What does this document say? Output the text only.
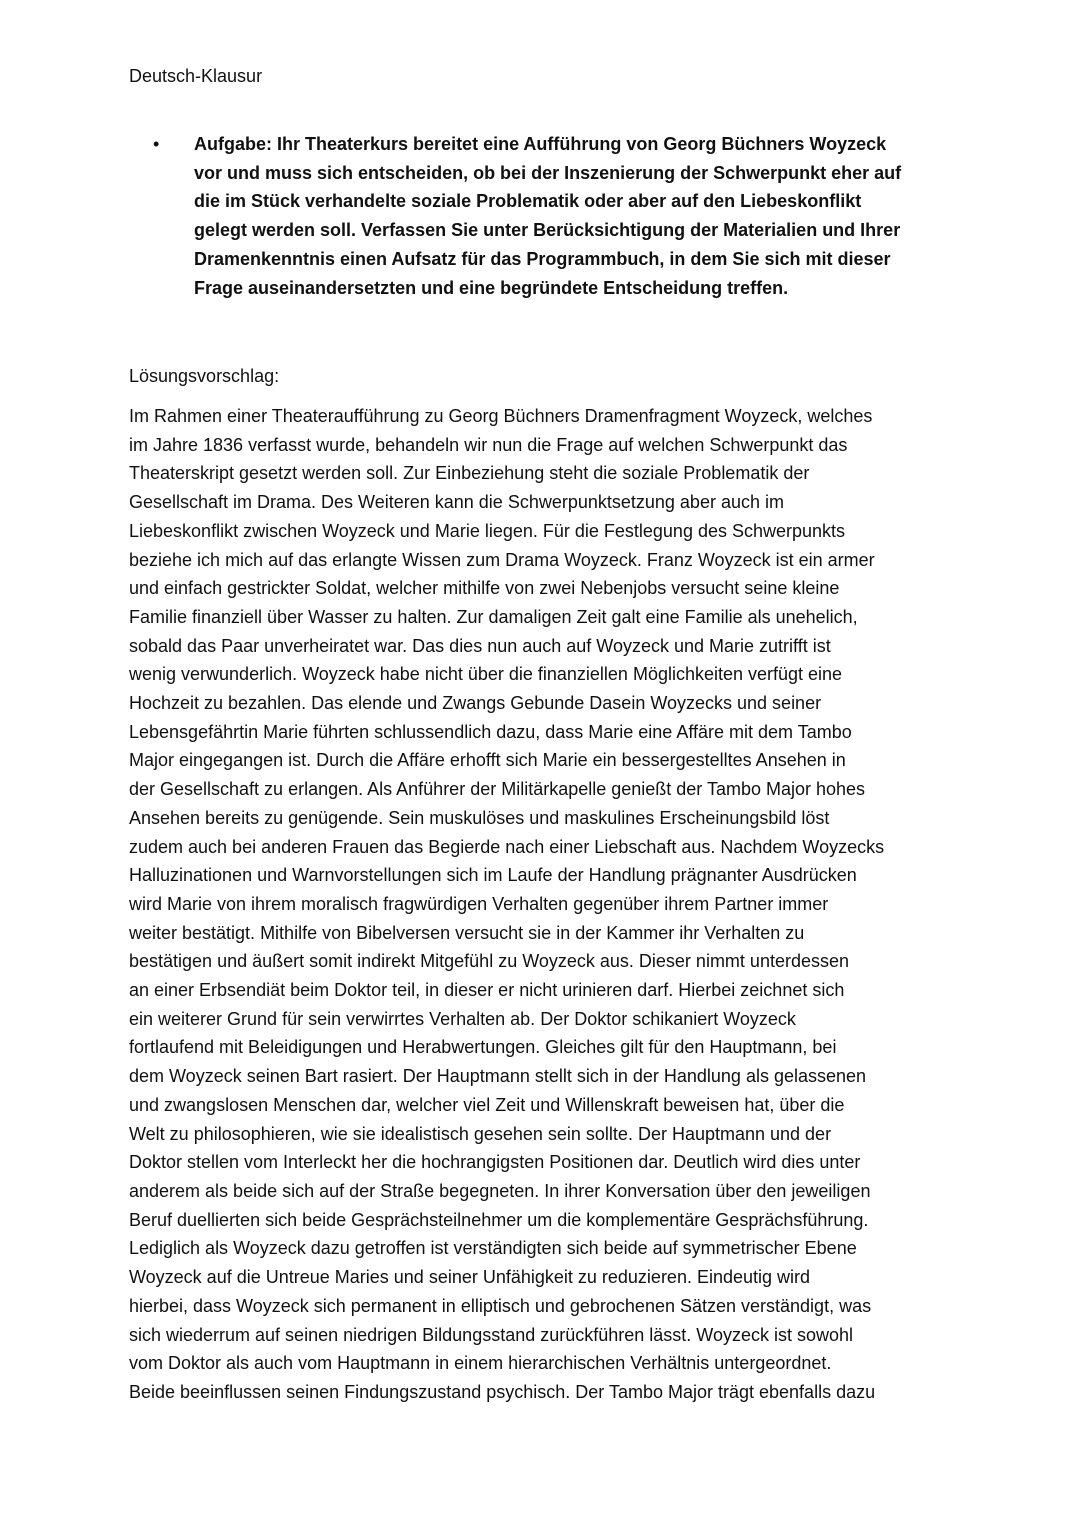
Deutsch-Klausur
•	Aufgabe: Ihr Theaterkurs bereitet eine Aufführung von Georg Büchners Woyzeck
vor und muss sich entscheiden, ob bei der Inszenierung der Schwerpunkt eher auf
die im Stück verhandelte soziale Problematik oder aber auf den Liebeskonflikt
gelegt werden soll. Verfassen Sie unter Berücksichtigung der Materialien und Ihrer
Dramenkenntnis einen Aufsatz für das Programmbuch, in dem Sie sich mit dieser
Frage auseinandersetzten und eine begründete Entscheidung treffen.
Lösungsvorschlag:
Im Rahmen einer Theateraufführung zu Georg Büchners Dramenfragment Woyzeck, welches
im Jahre 1836 verfasst wurde, behandeln wir nun die Frage auf welchen Schwerpunkt das
Theaterskript gesetzt werden soll. Zur Einbeziehung steht die soziale Problematik der
Gesellschaft im Drama. Des Weiteren kann die Schwerpunktsetzung aber auch im
Liebeskonflikt zwischen Woyzeck und Marie liegen. Für die Festlegung des Schwerpunkts
beziehe ich mich auf das erlangte Wissen zum Drama Woyzeck. Franz Woyzeck ist ein armer
und einfach gestrickter Soldat, welcher mithilfe von zwei Nebenjobs versucht seine kleine
Familie finanziell über Wasser zu halten. Zur damaligen Zeit galt eine Familie als unehelich,
sobald das Paar unverheiratet war. Das dies nun auch auf Woyzeck und Marie zutrifft ist
wenig verwunderlich. Woyzeck habe nicht über die finanziellen Möglichkeiten verfügt eine
Hochzeit zu bezahlen. Das elende und Zwangs Gebunde Dasein Woyzecks und seiner
Lebensgefährtin Marie führten schlussendlich dazu, dass Marie eine Affäre mit dem Tambo
Major eingegangen ist. Durch die Affäre erhofft sich Marie ein bessergestelltes Ansehen in
der Gesellschaft zu erlangen. Als Anführer der Militärkapelle genießt der Tambo Major hohes
Ansehen bereits zu genügende. Sein muskulöses und maskulines Erscheinungsbild löst
zudem auch bei anderen Frauen das Begierde nach einer Liebschaft aus. Nachdem Woyzecks
Halluzinationen und Warnvorstellungen sich im Laufe der Handlung prägnanter Ausdrücken
wird Marie von ihrem moralisch fragwürdigen Verhalten gegenüber ihrem Partner immer
weiter bestätigt. Mithilfe von Bibelversen versucht sie in der Kammer ihr Verhalten zu
bestätigen und äußert somit indirekt Mitgefühl zu Woyzeck aus. Dieser nimmt unterdessen
an einer Erbsendiät beim Doktor teil, in dieser er nicht urinieren darf. Hierbei zeichnet sich
ein weiterer Grund für sein verwirrtes Verhalten ab. Der Doktor schikaniert Woyzeck
fortlaufend mit Beleidigungen und Herabwertungen. Gleiches gilt für den Hauptmann, bei
dem Woyzeck seinen Bart rasiert. Der Hauptmann stellt sich in der Handlung als gelassenen
und zwangslosen Menschen dar, welcher viel Zeit und Willenskraft beweisen hat, über die
Welt zu philosophieren, wie sie idealistisch gesehen sein sollte. Der Hauptmann und der
Doktor stellen vom Interleckt her die hochrangigsten Positionen dar. Deutlich wird dies unter
anderem als beide sich auf der Straße begegneten. In ihrer Konversation über den jeweiligen
Beruf duellierten sich beide Gesprächsteilnehmer um die komplementäre Gesprächsführung.
Lediglich als Woyzeck dazu getroffen ist verständigten sich beide auf symmetrischer Ebene
Woyzeck auf die Untreue Maries und seiner Unfähigkeit zu reduzieren. Eindeutig wird
hierbei, dass Woyzeck sich permanent in elliptisch und gebrochenen Sätzen verständigt, was
sich wiederrum auf seinen niedrigen Bildungsstand zurückführen lässt. Woyzeck ist sowohl
vom Doktor als auch vom Hauptmann in einem hierarchischen Verhältnis untergeordnet.
Beide beeinflussen seinen Findungszustand psychisch. Der Tambo Major trägt ebenfalls dazu
